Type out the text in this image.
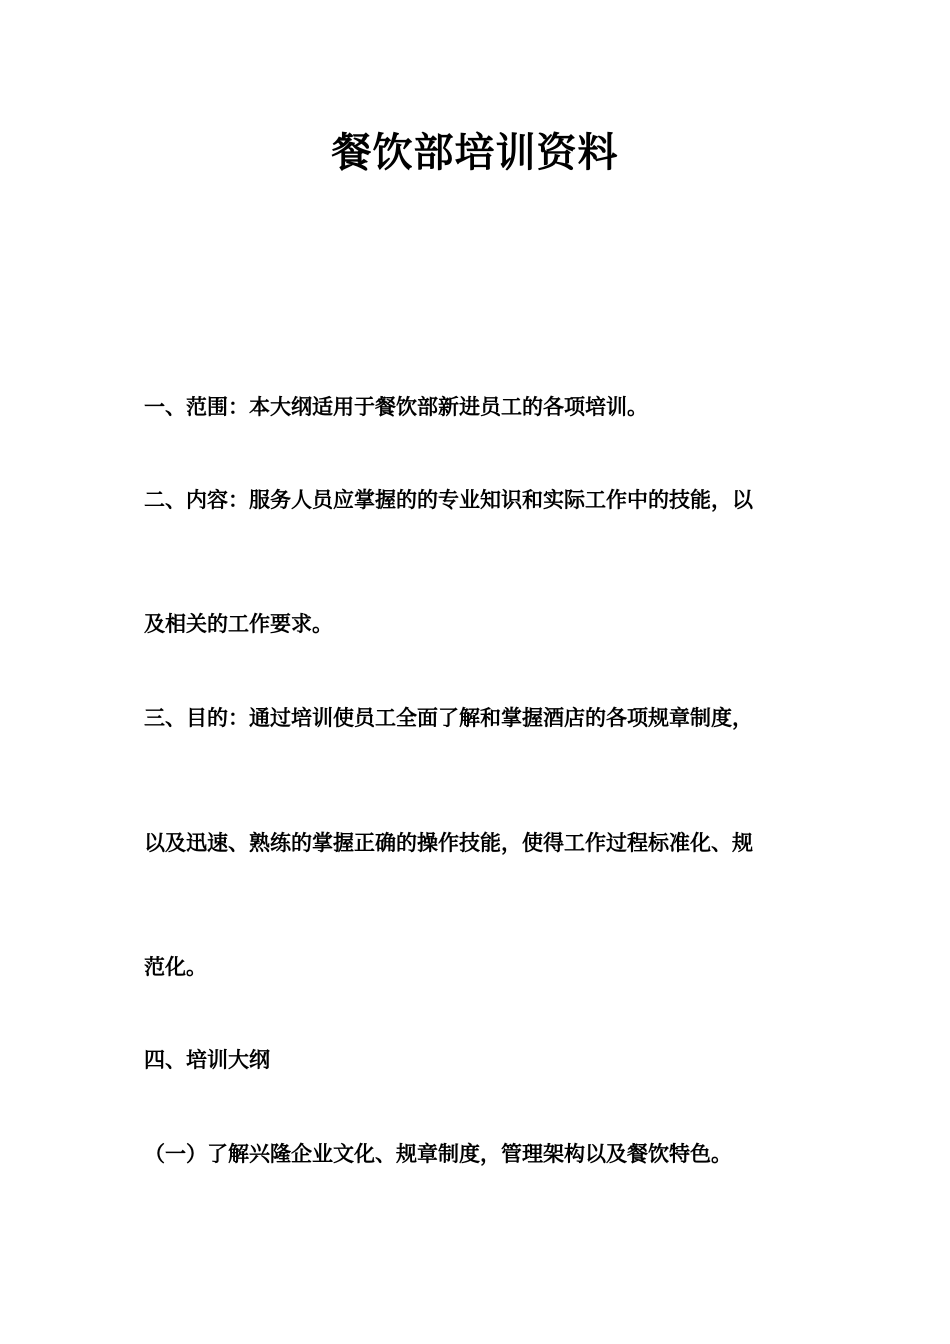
餐饮部培训资料
一、范围：本大纲适用于餐饮部新进员工的各项培训。
二、内容：服务人员应掌握的的专业知识和实际工作中的技能，以
及相关的工作要求。
三、目的：通过培训使员工全面了解和掌握酒店的各项规章制度，
以及迅速、熟练的掌握正确的操作技能，使得工作过程标准化、规
范化。
四、培训大纲
（一）了解兴隆企业文化、规章制度，管理架构以及餐饮特色。
